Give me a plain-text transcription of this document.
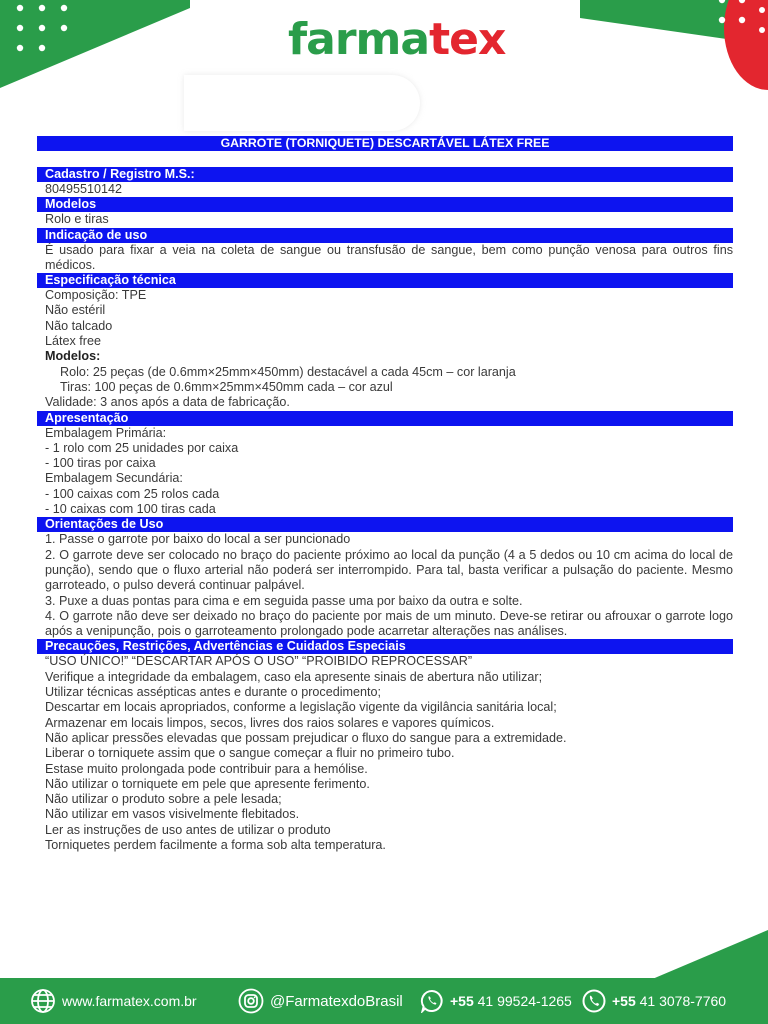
farmatex
GARROTE (TORNIQUETE) DESCARTÁVEL LÁTEX FREE
Cadastro / Registro M.S.:
80495510142
Modelos
Rolo e tiras
Indicação de uso
É usado para fixar a veia na coleta de sangue ou transfusão de sangue, bem como punção venosa para outros fins médicos.
Especificação técnica
Composição: TPE
Não estéril
Não talcado
Látex free
Modelos:
Rolo: 25 peças (de 0.6mm×25mm×450mm) destacável a cada 45cm – cor laranja
Tiras: 100 peças de 0.6mm×25mm×450mm cada – cor azul
Validade: 3 anos após a data de fabricação.
Apresentação
Embalagem Primária:
- 1 rolo com 25 unidades por caixa
- 100 tiras por caixa
Embalagem Secundária:
- 100 caixas com 25 rolos cada
- 10 caixas com 100 tiras cada
Orientações de Uso
1. Passe o garrote por baixo do local a ser puncionado
2. O garrote deve ser colocado no braço do paciente próximo ao local da punção (4 a 5 dedos ou 10 cm acima do local de punção), sendo que o fluxo arterial não poderá ser interrompido. Para tal, basta verificar a pulsação do paciente. Mesmo garroteado, o pulso deverá continuar palpável.
3. Puxe a duas pontas para cima e em seguida passe uma por baixo da outra e solte.
4. O garrote não deve ser deixado no braço do paciente por mais de um minuto. Deve-se retirar ou afrouxar o garrote logo após a venipunção, pois o garroteamento prolongado pode acarretar alterações nas análises.
Precauções, Restrições, Advertências e Cuidados Especiais
“USO ÚNICO!” “DESCARTAR APÓS O USO” “PROIBIDO REPROCESSAR”
Verifique a integridade da embalagem, caso ela apresente sinais de abertura não utilizar;
Utilizar técnicas assépticas antes e durante o procedimento;
Descartar em locais apropriados, conforme a legislação vigente da vigilância sanitária local;
Armazenar em locais limpos, secos, livres dos raios solares e vapores químicos.
Não aplicar pressões elevadas que possam prejudicar o fluxo do sangue para a extremidade.
Liberar o torniquete assim que o sangue começar a fluir no primeiro tubo.
Estase muito prolongada pode contribuir para a hemólise.
Não utilizar o torniquete em pele que apresente ferimento.
Não utilizar o produto sobre a pele lesada;
Não utilizar em vasos visivelmente flebitados.
Ler as instruções de uso antes de utilizar o produto
Torniquetes perdem facilmente a forma sob alta temperatura.
www.farmatex.com.br	@FarmatexdoBrasil	+55
41 99524-1265	+55
41 3078-7760
